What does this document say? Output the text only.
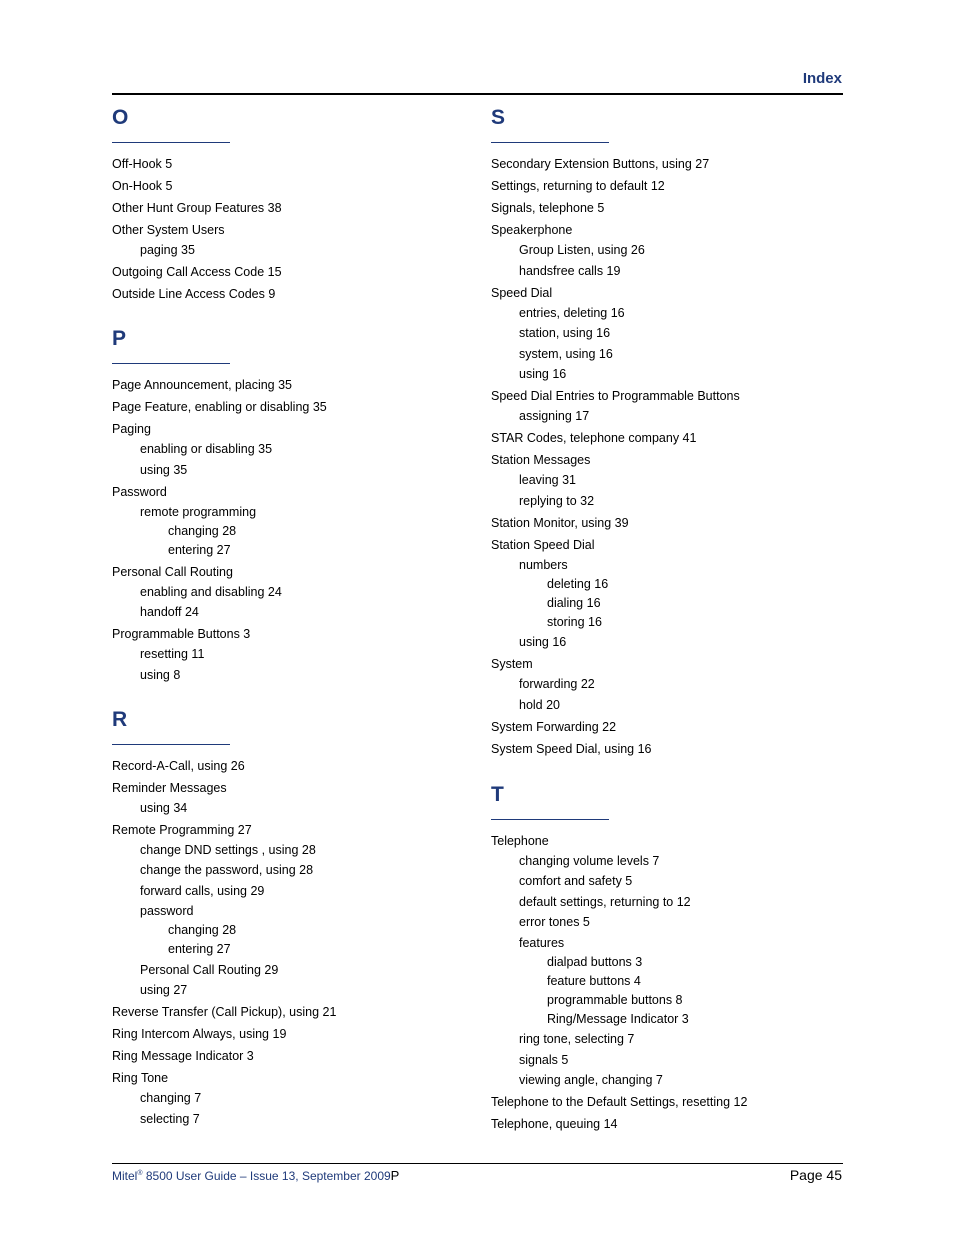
Index
O
Off-Hook 5
On-Hook 5
Other Hunt Group Features 38
Other System Users
paging 35
Outgoing Call Access Code 15
Outside Line Access Codes 9
P
Page Announcement, placing 35
Page Feature, enabling or disabling 35
Paging
enabling or disabling 35
using 35
Password
remote programming
changing 28
entering 27
Personal Call Routing
enabling and disabling 24
handoff 24
Programmable Buttons 3
resetting 11
using 8
R
Record-A-Call, using 26
Reminder Messages
using 34
Remote Programming 27
change DND settings , using 28
change the password, using 28
forward calls, using 29
password
changing 28
entering 27
Personal Call Routing 29
using 27
Reverse Transfer (Call Pickup), using 21
Ring Intercom Always, using 19
Ring Message Indicator 3
Ring Tone
changing 7
selecting 7
S
Secondary Extension Buttons, using 27
Settings, returning to default 12
Signals, telephone 5
Speakerphone
Group Listen, using 26
handsfree calls 19
Speed Dial
entries, deleting 16
station, using 16
system, using 16
using 16
Speed Dial Entries to Programmable Buttons
assigning 17
STAR Codes, telephone company 41
Station Messages
leaving 31
replying to 32
Station Monitor, using 39
Station Speed Dial
numbers
deleting 16
dialing 16
storing 16
using 16
System
forwarding 22
hold 20
System Forwarding 22
System Speed Dial, using 16
T
Telephone
changing volume levels 7
comfort and safety 5
default settings, returning to 12
error tones 5
features
dialpad buttons 3
feature buttons 4
programmable buttons 8
Ring/Message Indicator 3
ring tone, selecting 7
signals 5
viewing angle, changing 7
Telephone to the Default Settings, resetting 12
Telephone, queuing 14
Mitel® 8500 User Guide – Issue 13, September 2009P	Page 45
